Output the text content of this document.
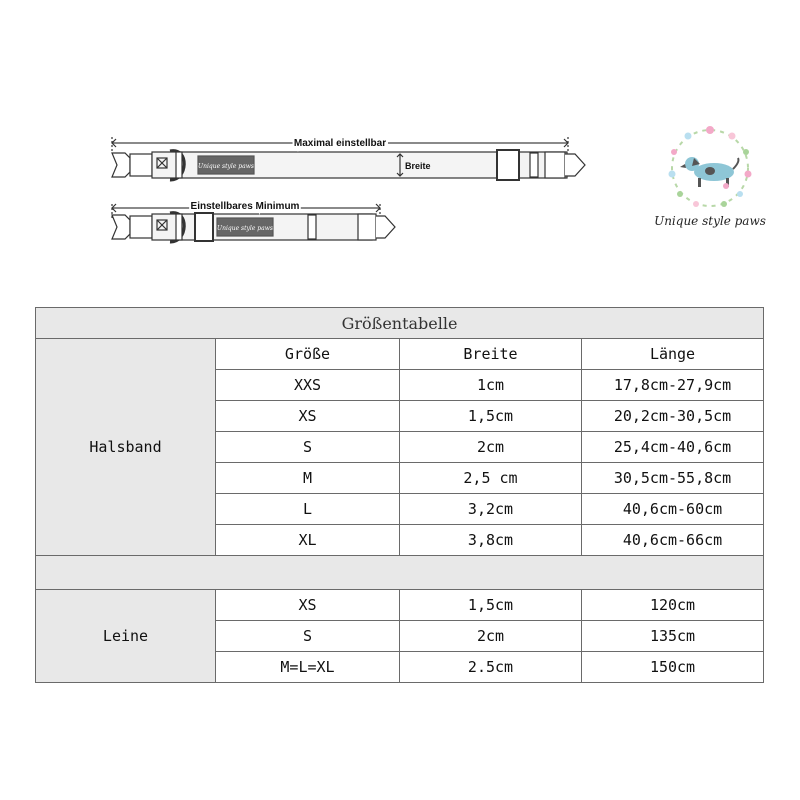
Maximal einstellbar
Breite
Unique style paws
Einstellbares Minimum
Unique style paws
Unique style paws
Größentabelle			
Halsband	Größe	Breite	Länge
	XXS	1cm	17,8cm-27,9cm
	XS	1,5cm	20,2cm-30,5cm
	S	2cm	25,4cm-40,6cm
	M	2,5 cm	30,5cm-55,8cm
	L	3,2cm	40,6cm-60cm
	XL	3,8cm	40,6cm-66cm

Leine	XS	1,5cm	120cm
	S	2cm	135cm
	M=L=XL	2.5cm	150cm
